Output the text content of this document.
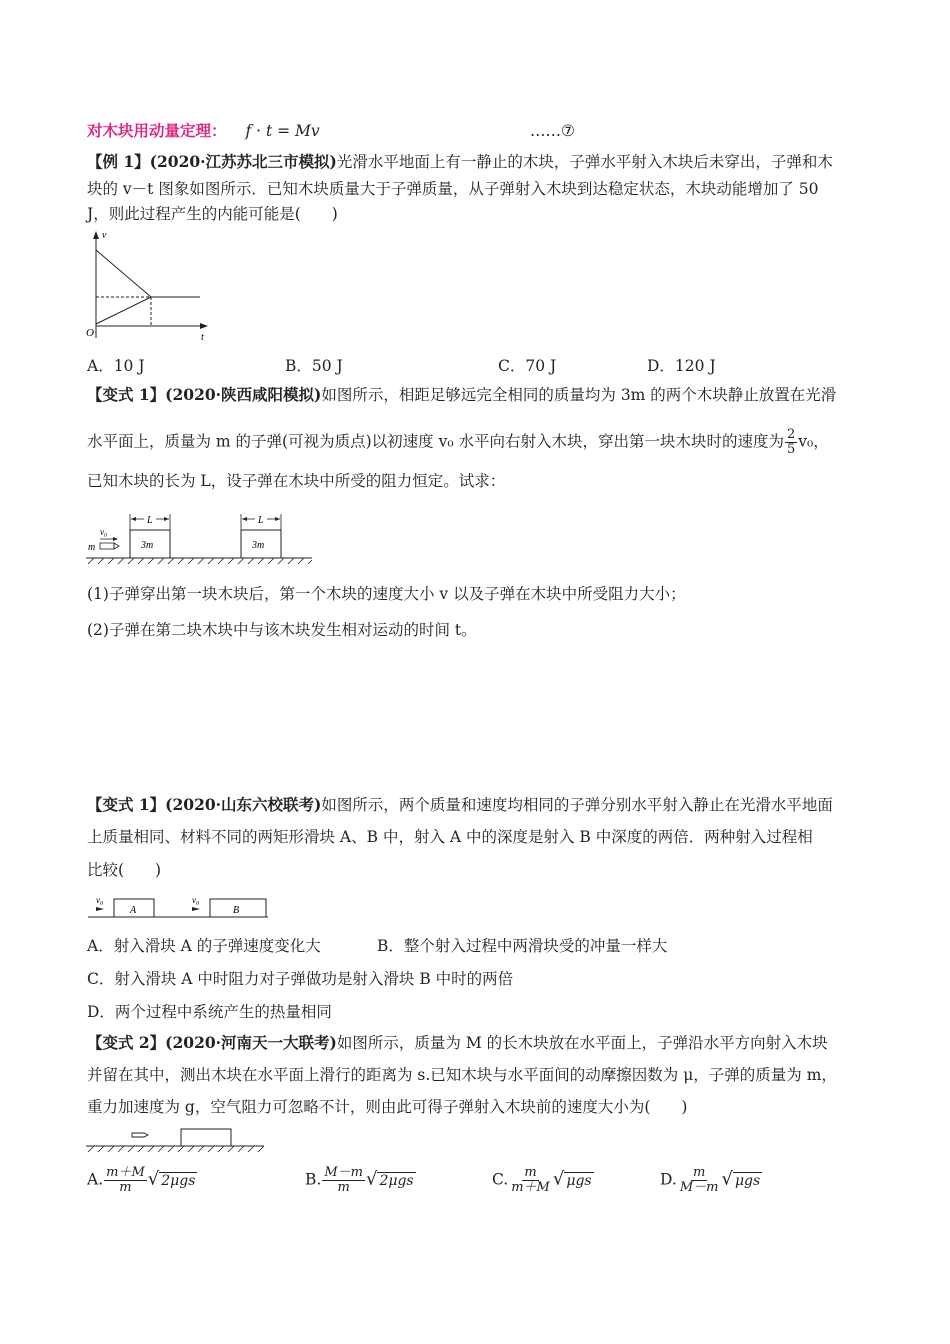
对木块用动量定理： f · t = Mv	……⑦
【例 1】(2020·江苏苏北三市模拟)光滑水平地面上有一静止的木块，子弹水平射入木块后未穿出，子弹和木
块的 v－t 图象如图所示．已知木块质量大于子弹质量，从子弹射入木块到达稳定状态，木块动能增加了 50
J，则此过程产生的内能可能是(　　)
v
t
O
A．10 J	B．50 J	C．70 J	D．120 J
【变式 1】(2020·陕西咸阳模拟)如图所示，相距足够远完全相同的质量均为 3m 的两个木块静止放置在光滑
水平面上，质量为 m 的子弹(可视为质点)以初速度 v₀ 水平向右射入木块，穿出第一块木块时的速度为 $\frac{2}{5} v_0$，
已知木块的长为 L，设子弹在木块中所受的阻力恒定。试求：
L	L
3m	3m
v₀
m
(1)子弹穿出第一块木块后，第一个木块的速度大小 v 以及子弹在木块中所受阻力大小；
(2)子弹在第二块木块中与该木块发生相对运动的时间 t。
【变式 1】(2020·山东六校联考)如图所示，两个质量和速度均相同的子弹分别水平射入静止在光滑水平地面
上质量相同、材料不同的两矩形滑块 A、B 中，射入 A 中的深度是射入 B 中深度的两倍．两种射入过程相
比较(　　)
v₀	v₀
A	B
A．射入滑块 A 的子弹速度变化大	B．整个射入过程中两滑块受的冲量一样大
C．射入滑块 A 中时阻力对子弹做功是射入滑块 B 中时的两倍
D．两个过程中系统产生的热量相同
【变式 2】(2020·河南天一大联考)如图所示，质量为 M 的长木块放在水平面上，子弹沿水平方向射入木块
并留在其中，测出木块在水平面上滑行的距离为 s.已知木块与水平面间的动摩擦因数为 μ，子弹的质量为 m，
重力加速度为 g，空气阻力可忽略不计，则由此可得子弹射入木块前的速度大小为(　　)
A. $\frac{m+M}{m}$ √ 2μgs	B. $\frac{M-m}{m}$ √ 2μgs	C. $\frac{m}{m+M}$ √ μgs	D. $\frac{m}{M-m}$ √ μgs
